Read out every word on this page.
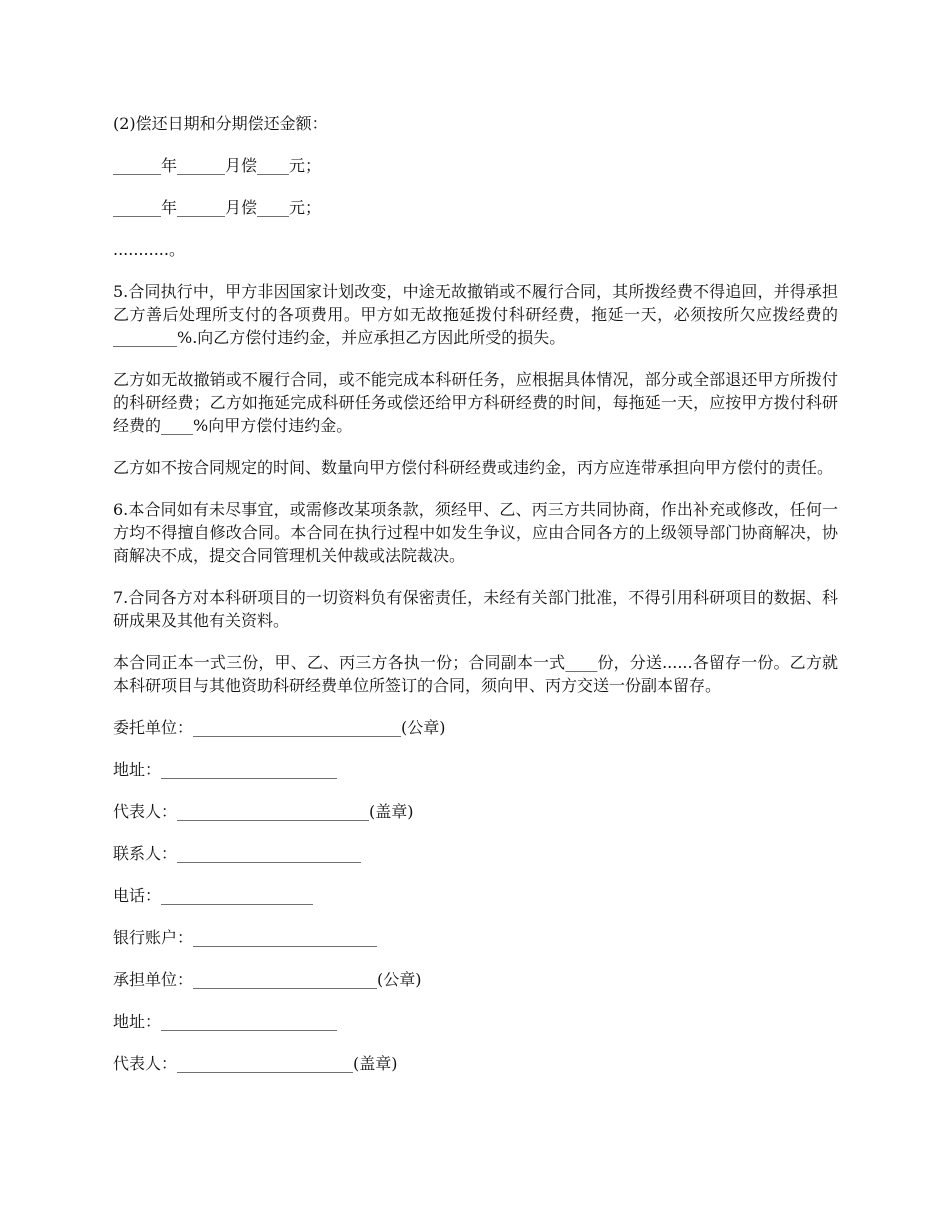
(2)偿还日期和分期偿还金额：

______年______月偿____元；

______年______月偿____元；

...........。

5.合同执行中，甲方非因国家计划改变，中途无故撤销或不履行合同，其所拨经费不得追回，并得承担乙方善后处理所支付的各项费用。甲方如无故拖延拨付科研经费，拖延一天，必须按所欠应拨经费的________%.向乙方偿付违约金，并应承担乙方因此所受的损失。

乙方如无故撤销或不履行合同，或不能完成本科研任务，应根据具体情况，部分或全部退还甲方所拨付的科研经费；乙方如拖延完成科研任务或偿还给甲方科研经费的时间，每拖延一天，应按甲方拨付科研经费的____%向甲方偿付违约金。

乙方如不按合同规定的时间、数量向甲方偿付科研经费或违约金，丙方应连带承担向甲方偿付的责任。

6.本合同如有未尽事宜，或需修改某项条款，须经甲、乙、丙三方共同协商，作出补充或修改，任何一方均不得擅自修改合同。本合同在执行过程中如发生争议，应由合同各方的上级领导部门协商解决，协商解决不成，提交合同管理机关仲裁或法院裁决。

7.合同各方对本科研项目的一切资料负有保密责任，未经有关部门批准，不得引用科研项目的数据、科研成果及其他有关资料。

本合同正本一式三份，甲、乙、丙三方各执一份；合同副本一式____份，分送......各留存一份。乙方就本科研项目与其他资助科研经费单位所签订的合同，须向甲、丙方交送一份副本留存。

委托单位：__________________________(公章)

地址：______________________

代表人：________________________(盖章)

联系人：_______________________

电话：___________________

银行账户：_______________________

承担单位：_______________________(公章)

地址：______________________

代表人：______________________(盖章)
